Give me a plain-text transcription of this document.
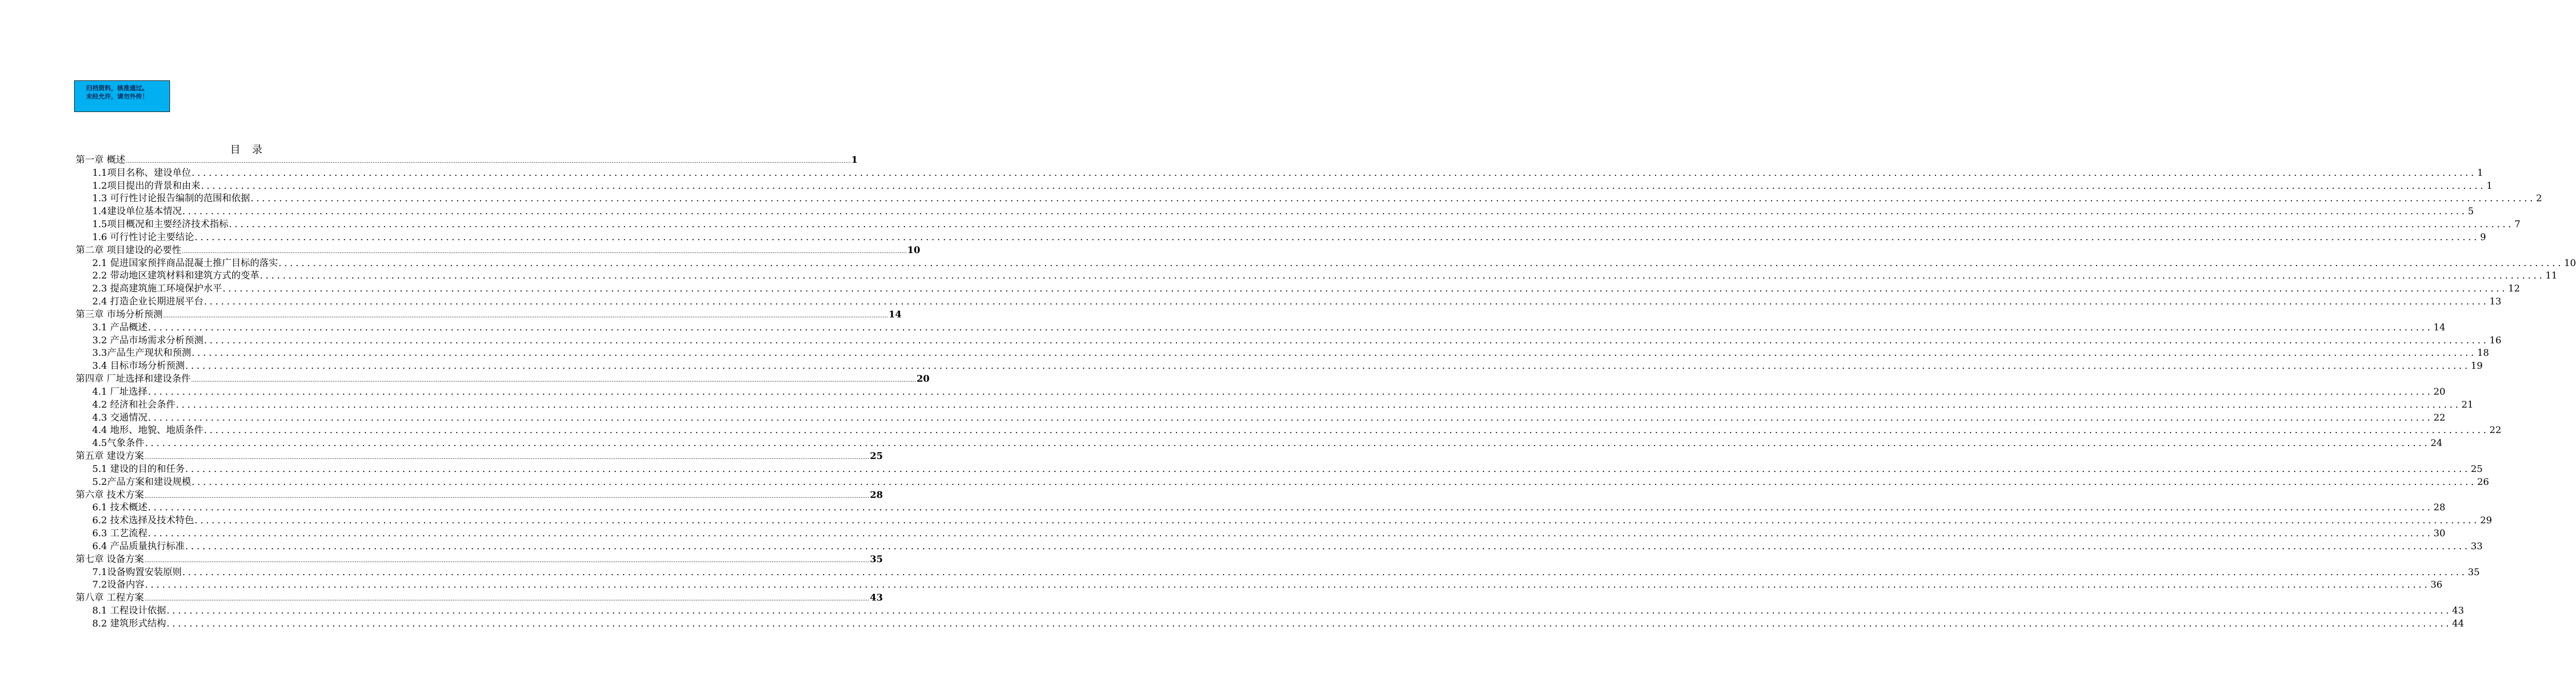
归档资料，核准通过。
未经允许，请勿外传！
目 录
第一章 概述 ................................................................................................................................................................................................................................................................................................................................................................................................................ 1
1.1项目名称、建设单位 ................................................................................................................................................................................................................................................................................................................................................................................................................ 1
1.2项目提出的背景和由来 ................................................................................................................................................................................................................................................................................................................................................................................................................ 1
1.3 可行性讨论报告编制的范围和依据 ................................................................................................................................................................................................................................................................................................................................................................................................................ 2
1.4建设单位基本情况 ................................................................................................................................................................................................................................................................................................................................................................................................................ 5
1.5项目概况和主要经济技术指标 ................................................................................................................................................................................................................................................................................................................................................................................................................ 7
1.6 可行性讨论主要结论 ................................................................................................................................................................................................................................................................................................................................................................................................................ 9
第二章 项目建设的必要性 ................................................................................................................................................................................................................................................................................................................................................................................................................ 10
2.1 促进国家预拌商品混凝土推广目标的落实 ................................................................................................................................................................................................................................................................................................................................................................................................................ 10
2.2 带动地区建筑材料和建筑方式的变革 ................................................................................................................................................................................................................................................................................................................................................................................................................ 11
2.3 提高建筑施工环境保护水平 ................................................................................................................................................................................................................................................................................................................................................................................................................ 12
2.4 打造企业长期进展平台 ................................................................................................................................................................................................................................................................................................................................................................................................................ 13
第三章 市场分析预测 ................................................................................................................................................................................................................................................................................................................................................................................................................ 14
3.1 产品概述 ................................................................................................................................................................................................................................................................................................................................................................................................................ 14
3.2 产品市场需求分析预测 ................................................................................................................................................................................................................................................................................................................................................................................................................ 16
3.3产品生产现状和预测 ................................................................................................................................................................................................................................................................................................................................................................................................................ 18
3.4 目标市场分析预测 ................................................................................................................................................................................................................................................................................................................................................................................................................ 19
第四章 厂址选择和建设条件 ................................................................................................................................................................................................................................................................................................................................................................................................................ 20
4.1 厂址选择 ................................................................................................................................................................................................................................................................................................................................................................................................................ 20
4.2 经济和社会条件 ................................................................................................................................................................................................................................................................................................................................................................................................................ 21
4.3 交通情况 ................................................................................................................................................................................................................................................................................................................................................................................................................ 22
4.4 地形、地貌、地质条件 ................................................................................................................................................................................................................................................................................................................................................................................................................ 22
4.5气象条件 ................................................................................................................................................................................................................................................................................................................................................................................................................ 24
第五章 建设方案 ................................................................................................................................................................................................................................................................................................................................................................................................................ 25
5.1 建设的目的和任务 ................................................................................................................................................................................................................................................................................................................................................................................................................ 25
5.2产品方案和建设规模 ................................................................................................................................................................................................................................................................................................................................................................................................................ 26
第六章 技术方案 ................................................................................................................................................................................................................................................................................................................................................................................................................ 28
6.1 技术概述 ................................................................................................................................................................................................................................................................................................................................................................................................................ 28
6.2 技术选择及技术特色 ................................................................................................................................................................................................................................................................................................................................................................................................................ 29
6.3 工艺流程 ................................................................................................................................................................................................................................................................................................................................................................................................................ 30
6.4 产品质量执行标准 ................................................................................................................................................................................................................................................................................................................................................................................................................ 33
第七章 设备方案 ................................................................................................................................................................................................................................................................................................................................................................................................................ 35
7.1设备购置安装原则 ................................................................................................................................................................................................................................................................................................................................................................................................................ 35
7.2设备内容 ................................................................................................................................................................................................................................................................................................................................................................................................................ 36
第八章 工程方案 ................................................................................................................................................................................................................................................................................................................................................................................................................ 43
8.1 工程设计依据 ................................................................................................................................................................................................................................................................................................................................................................................................................ 43
8.2 建筑形式结构 ................................................................................................................................................................................................................................................................................................................................................................................................................ 44
